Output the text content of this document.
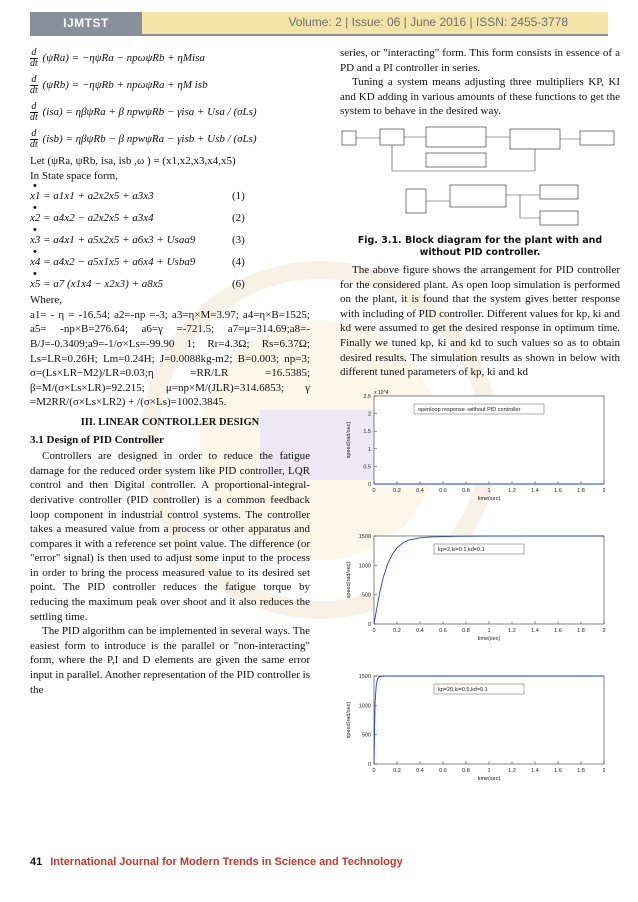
IJMTST	Volume: 2 | Issue: 06 | June 2016 | ISSN: 2455-3778
$\frac{d}{dt} (\psi Ra) = -\eta\psi Ra - np\omega\psi Rb$ + ηMisa
$\frac{d}{dt} (\psi Rb) = -\eta\psi Rb + np\omega\psi Ra + \eta M$ isb
$\frac{d}{dt} (isa) = \eta\beta\psi Ra + \beta$ npwψRb − γisa + Usa / (σLs)
$\frac{d}{dt} (isb) = \eta\beta\psi Rb - \beta$ npwψRa − γisb + Usb / (σLs)

Let (ψRa, ψRb, isa, isb ,ω ) = (x1,x2,x3,x4,x5)

In State space form,

•
x1 = a1x1 + a2x2x5 + a3x3	(1)
•
x2 = a4x2 − a2x2x5 + a3x4	(2)
•
x3 = a4x1 + a5x2x5 + a6x3 + Usaa9	(3)
•
x4 = a4x2 − a5x1x5 + a6x4 + Usba9	(4)
•
x5 = a7 (x1x4 − x2x3) + a8x5	(6)

Where,

a1= - η = -16.54; a2=-np =-3; a3=η×M=3.97; a4=η×B=1525; a5= -np×B=276.64; a6=γ =-721.5; a7=μ=314.69;a8=-B/J=-0.3409;a9=-1/σ×Ls=-99.90 1; Rr=4.3Ω; Rs=6.37Ω; Ls=LR=0.26H; Lm=0.24H; J=0.0088kg-m2; B=0.003; np=3; σ=(Ls×LR−M2)/LR=0.03;η =RR/LR =16.5385; β=M/(σ×Ls×LR)=92.215; μ=np×M/(JLR)=314.6853; γ =M2RR/(σ×Ls×LR2) + /(σ×Ls)=1002.3845.

III. LINEAR CONTROLLER DESIGN
3.1 Design of PID Controller

Controllers are designed in order to reduce the fatigue damage for the reduced order system like PID controller, LQR control and then Digital controller. A proportional-integral-derivative controller (PID controller) is a common feedback loop component in industrial control systems. The controller takes a measured value from a process or other apparatus and compares it with a reference set point value. The difference (or "error" signal) is then used to adjust some input to the process in order to bring the process measured value to its desired set point. The PID controller reduces the fatigue torque by reducing the maximum peak over shoot and it also reduces the settling time.

The PID algorithm can be implemented in several ways. The easiest form to introduce is the parallel or "non-interacting" form, where the P,I and D elements are given the same error input in parallel. Another representation of the PID controller is the

series, or "interacting" form. This form consists in essence of a PD and a PI controller in series.

Tuning a system means adjusting three multipliers KP, KI and KD adding in various amounts of these functions to get the system to behave in the desired way.

Fig. 3.1. Block diagram for the plant with and without PID controller.

The above figure shows the arrangement for PID controller for the considered plant. As open loop simulation is performed on the plant, it is found that the system gives better response with including of PID controller. Different values for kp, ki and kd were assumed to get the desired response in optimum time. Finally we tuned kp, ki and kd to such values so as to obtain desired results. The simulation results as shown in below with different tuned parameters of kp, ki and kd

0	0.2	0.4	0.6	0.8	1	1.2	1.4	1.6	1.8	2
0
0.5
1
1.5
2
2.5
time(sec)
speed(rad/sec)
x 10^4
openloop response -without PID controller
0	0.2	0.4	0.6	0.8	1	1.2	1.4	1.6	1.8	2
0
500
1000
1500
time(sec)
speed(rad/sec)
kp=2,ki=0.1,kd=0.1
0	0.2	0.4	0.6	0.8	1	1.2	1.4	1.6	1.8	2
0
500
1000
1500
time(sec)
speed(rad/sec)
kp=20,ki=0.5,kd=0.1
41 International Journal for Modern Trends in Science and Technology
